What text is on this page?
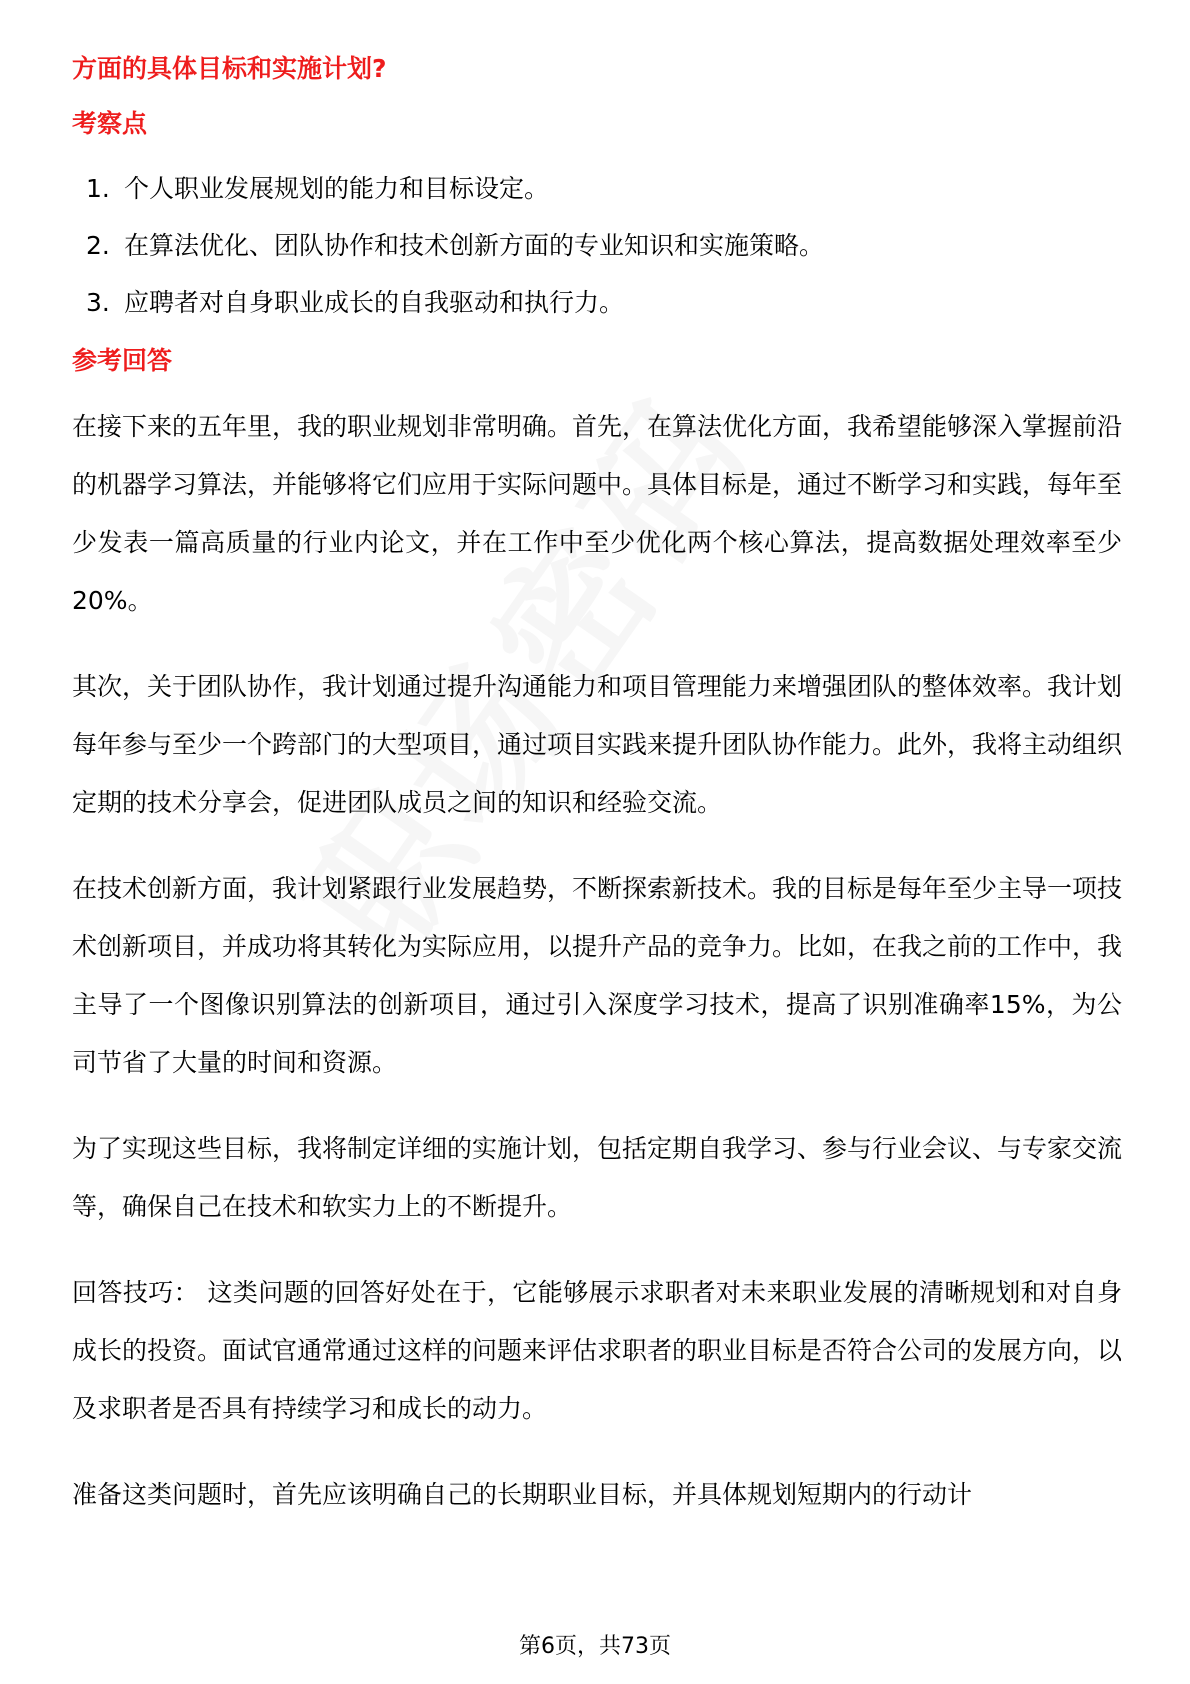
方面的具体目标和实施计划?

考察点

1. 个人职业发展规划的能力和目标设定。
2. 在算法优化、团队协作和技术创新方面的专业知识和实施策略。
3. 应聘者对自身职业成长的自我驱动和执行力。

参考回答

在接下来的五年里，我的职业规划非常明确。首先，在算法优化方面，我希望能够深入掌握前沿的机器学习算法，并能够将它们应用于实际问题中。具体目标是，通过不断学习和实践，每年至少发表一篇高质量的行业内论文，并在工作中至少优化两个核心算法，提高数据处理效率至少20%。

其次，关于团队协作，我计划通过提升沟通能力和项目管理能力来增强团队的整体效率。我计划每年参与至少一个跨部门的大型项目，通过项目实践来提升团队协作能力。此外，我将主动组织定期的技术分享会，促进团队成员之间的知识和经验交流。

在技术创新方面，我计划紧跟行业发展趋势，不断探索新技术。我的目标是每年至少主导一项技术创新项目，并成功将其转化为实际应用，以提升产品的竞争力。比如，在我之前的工作中，我主导了一个图像识别算法的创新项目，通过引入深度学习技术，提高了识别准确率15%，为公司节省了大量的时间和资源。

为了实现这些目标，我将制定详细的实施计划，包括定期自我学习、参与行业会议、与专家交流等，确保自己在技术和软实力上的不断提升。

回答技巧： 这类问题的回答好处在于，它能够展示求职者对未来职业发展的清晰规划和对自身成长的投资。面试官通常通过这样的问题来评估求职者的职业目标是否符合公司的发展方向，以及求职者是否具有持续学习和成长的动力。

准备这类问题时，首先应该明确自己的长期职业目标，并具体规划短期内的行动计

第6页，共73页
